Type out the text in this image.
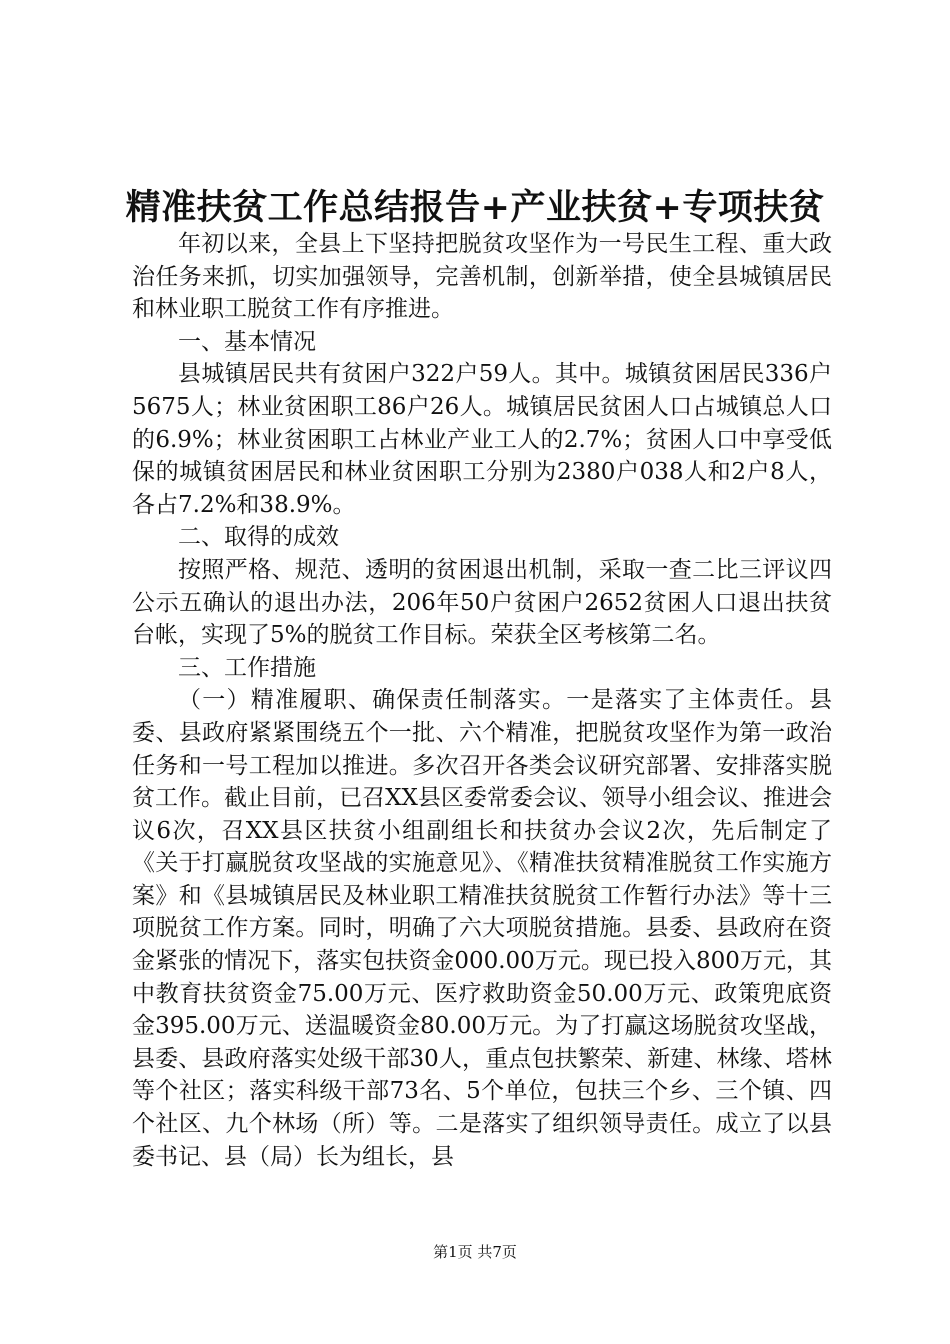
精准扶贫工作总结报告+产业扶贫+专项扶贫

年初以来，全县上下坚持把脱贫攻坚作为一号民生工程、重大政治任务来抓，切实加强领导，完善机制，创新举措，使全县城镇居民和林业职工脱贫工作有序推进。

一、基本情况

县城镇居民共有贫困户322户59人。其中。城镇贫困居民336户5675人；林业贫困职工86户26人。城镇居民贫困人口占城镇总人口的6.9%；林业贫困职工占林业产业工人的2.7%；贫困人口中享受低保的城镇贫困居民和林业贫困职工分别为2380户038人和2户8人，各占7.2%和38.9%。

二、取得的成效

按照严格、规范、透明的贫困退出机制，采取一查二比三评议四公示五确认的退出办法，206年50户贫困户2652贫困人口退出扶贫台帐，实现了5%的脱贫工作目标。荣获全区考核第二名。

三、工作措施

（一）精准履职、确保责任制落实。一是落实了主体责任。县委、县政府紧紧围绕五个一批、六个精准，把脱贫攻坚作为第一政治任务和一号工程加以推进。多次召开各类会议研究部署、安排落实脱贫工作。截止目前，已召XX县区委常委会议、领导小组会议、推进会议6次，召XX县区扶贫小组副组长和扶贫办会议2次，先后制定了《关于打赢脱贫攻坚战的实施意见》、《精准扶贫精准脱贫工作实施方案》和《县城镇居民及林业职工精准扶贫脱贫工作暂行办法》等十三项脱贫工作方案。同时，明确了六大项脱贫措施。县委、县政府在资金紧张的情况下，落实包扶资金000.00万元。现已投入800万元，其中教育扶贫资金75.00万元、医疗救助资金50.00万元、政策兜底资金395.00万元、送温暖资金80.00万元。为了打赢这场脱贫攻坚战，县委、县政府落实处级干部30人，重点包扶繁荣、新建、林缘、塔林等个社区；落实科级干部73名、5个单位，包扶三个乡、三个镇、四个社区、九个林场（所）等。二是落实了组织领导责任。成立了以县委书记、县（局）长为组长，县

第1页 共7页
